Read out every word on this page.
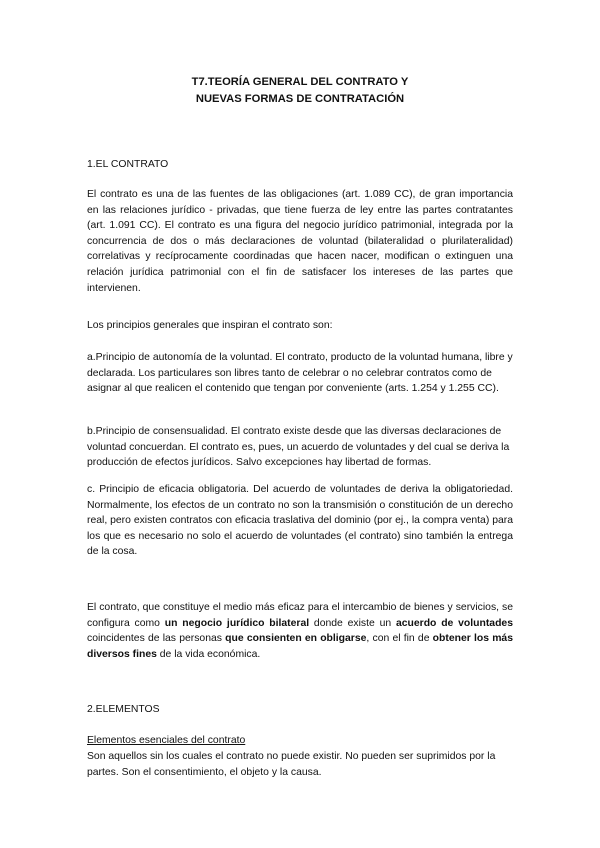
T7.TEORÍA GENERAL DEL CONTRATO Y
NUEVAS FORMAS DE CONTRATACIÓN
1.EL CONTRATO
El contrato es una de las fuentes de las obligaciones (art. 1.089 CC), de gran importancia en las relaciones jurídico - privadas, que tiene fuerza de ley entre las partes contratantes (art. 1.091 CC). El contrato es una figura del negocio jurídico patrimonial, integrada por la concurrencia de dos o más declaraciones de voluntad (bilateralidad o plurilateralidad) correlativas y recíprocamente coordinadas que hacen nacer, modifican o extinguen una relación jurídica patrimonial con el fin de satisfacer los intereses de las partes que intervienen.
Los principios generales que inspiran el contrato son:
a.Principio de autonomía de la voluntad. El contrato, producto de la voluntad humana, libre y declarada. Los particulares son libres tanto de celebrar o no celebrar contratos como de asignar al que realicen el contenido que tengan por conveniente (arts. 1.254 y 1.255 CC).
b.Principio de consensualidad. El contrato existe desde que las diversas declaraciones de voluntad concuerdan. El contrato es, pues, un acuerdo de voluntades y del cual se deriva la producción de efectos jurídicos. Salvo excepciones hay libertad de formas.
c. Principio de eficacia obligatoria. Del acuerdo de voluntades de deriva la obligatoriedad. Normalmente, los efectos de un contrato no son la transmisión o constitución de un derecho real, pero existen contratos con eficacia traslativa del dominio (por ej., la compra venta) para los que es necesario no solo el acuerdo de voluntades (el contrato) sino también la entrega de la cosa.
El contrato, que constituye el medio más eficaz para el intercambio de bienes y servicios, se configura como un negocio jurídico bilateral donde existe un acuerdo de voluntades coincidentes de las personas que consienten en obligarse, con el fin de obtener los más diversos fines de la vida económica.
2.ELEMENTOS
Elementos esenciales del contrato
Son aquellos sin los cuales el contrato no puede existir. No pueden ser suprimidos por la partes. Son el consentimiento, el objeto y la causa.
